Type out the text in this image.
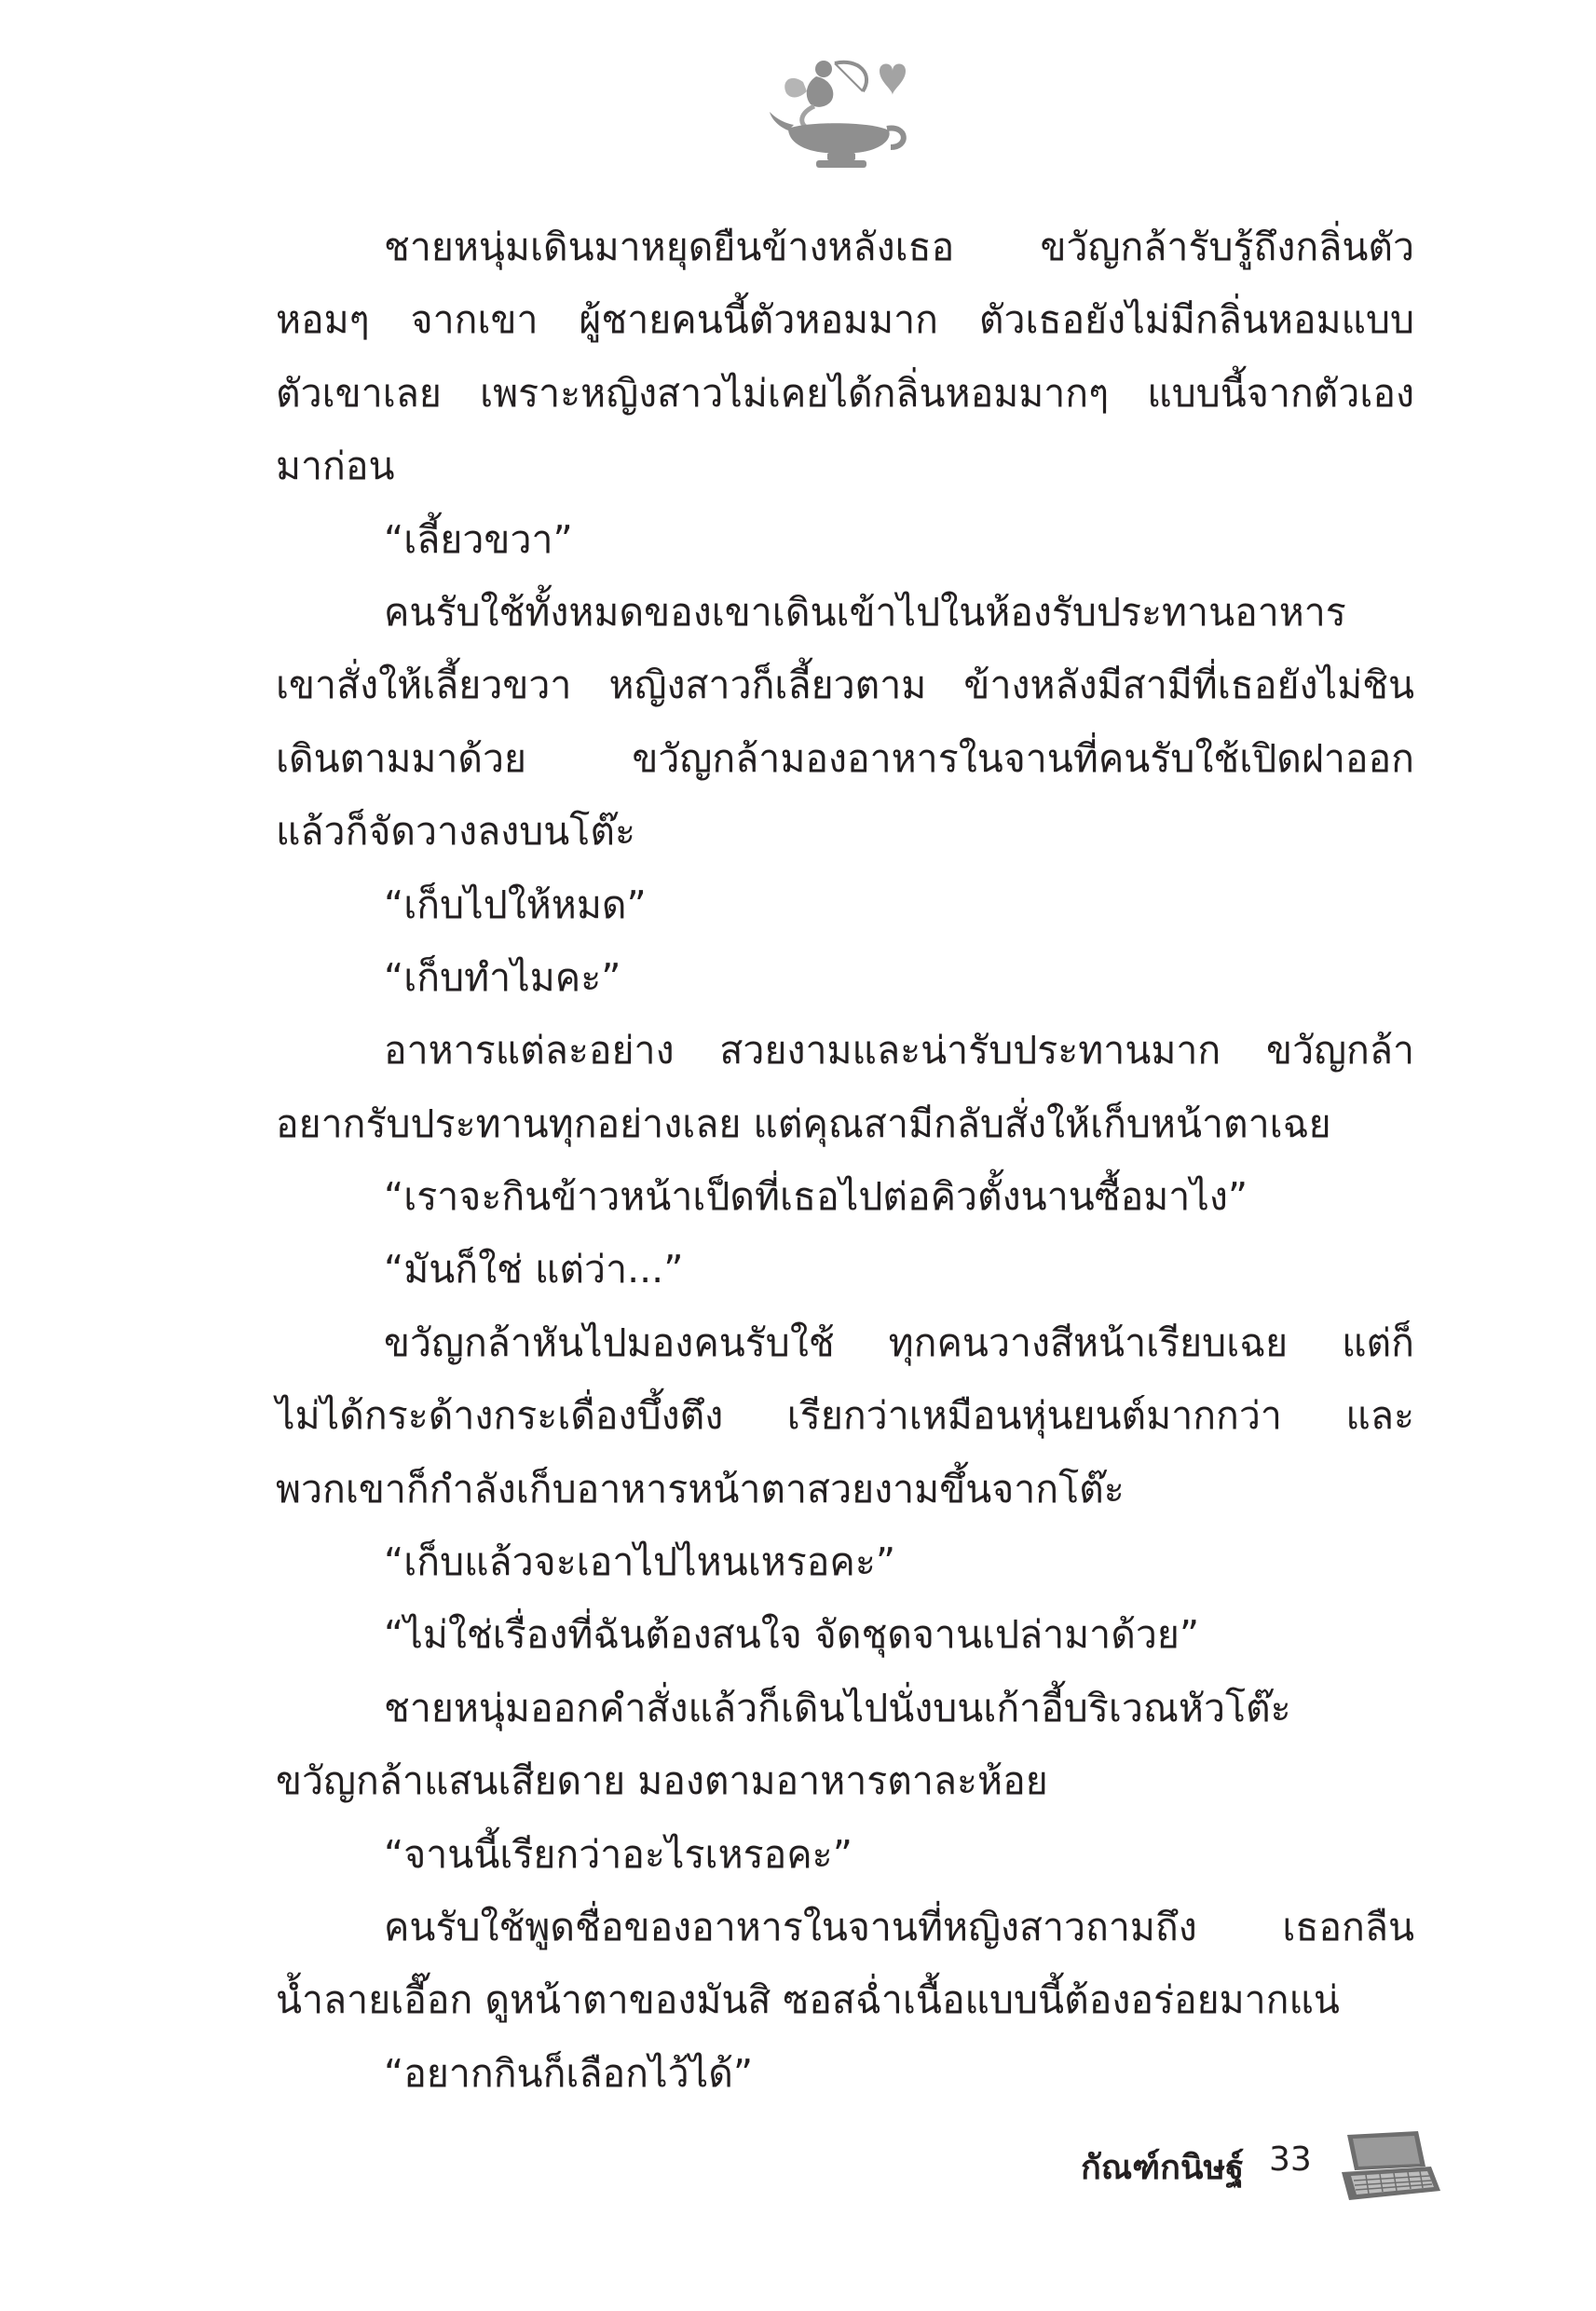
ชายหนุ่มเดินมาหยุดยืนข้างหลังเธอ ขวัญกล้ารับรู้ถึงกลิ่นตัว
หอมๆ จากเขา ผู้ชายคนนี้ตัวหอมมาก ตัวเธอยังไม่มีกลิ่นหอมแบบ
ตัวเขาเลย เพราะหญิงสาวไม่เคยได้กลิ่นหอมมากๆ แบบนี้จากตัวเอง
มาก่อน
“เลี้ยวขวา”
คนรับใช้ทั้งหมดของเขาเดินเข้าไปในห้องรับประทานอาหาร
เขาสั่งให้เลี้ยวขวา หญิงสาวก็เลี้ยวตาม ข้างหลังมีสามีที่เธอยังไม่ชิน
เดินตามมาด้วย ขวัญกล้ามองอาหารในจานที่คนรับใช้เปิดฝาออก
แล้วก็จัดวางลงบนโต๊ะ
“เก็บไปให้หมด”
“เก็บทำไมคะ”
อาหารแต่ละอย่าง สวยงามและน่ารับประทานมาก ขวัญกล้า
อยากรับประทานทุกอย่างเลย แต่คุณสามีกลับสั่งให้เก็บหน้าตาเฉย
“เราจะกินข้าวหน้าเป็ดที่เธอไปต่อคิวตั้งนานซื้อมาไง”
“มันก็ใช่ แต่ว่า...”
ขวัญกล้าหันไปมองคนรับใช้ ทุกคนวางสีหน้าเรียบเฉย แต่ก็
ไม่ได้กระด้างกระเดื่องบึ้งตึง เรียกว่าเหมือนหุ่นยนต์มากกว่า และ
พวกเขาก็กำลังเก็บอาหารหน้าตาสวยงามขึ้นจากโต๊ะ
“เก็บแล้วจะเอาไปไหนเหรอคะ”
“ไม่ใช่เรื่องที่ฉันต้องสนใจ จัดชุดจานเปล่ามาด้วย”
ชายหนุ่มออกคำสั่งแล้วก็เดินไปนั่งบนเก้าอี้บริเวณหัวโต๊ะ
ขวัญกล้าแสนเสียดาย มองตามอาหารตาละห้อย
“จานนี้เรียกว่าอะไรเหรอคะ”
คนรับใช้พูดชื่อของอาหารในจานที่หญิงสาวถามถึง เธอกลืน
น้ำลายเอื๊อก ดูหน้าตาของมันสิ ซอสฉ่ำเนื้อแบบนี้ต้องอร่อยมากแน่
“อยากกินก็เลือกไว้ได้”
กัณฑ์กนิษฐ์ 33
